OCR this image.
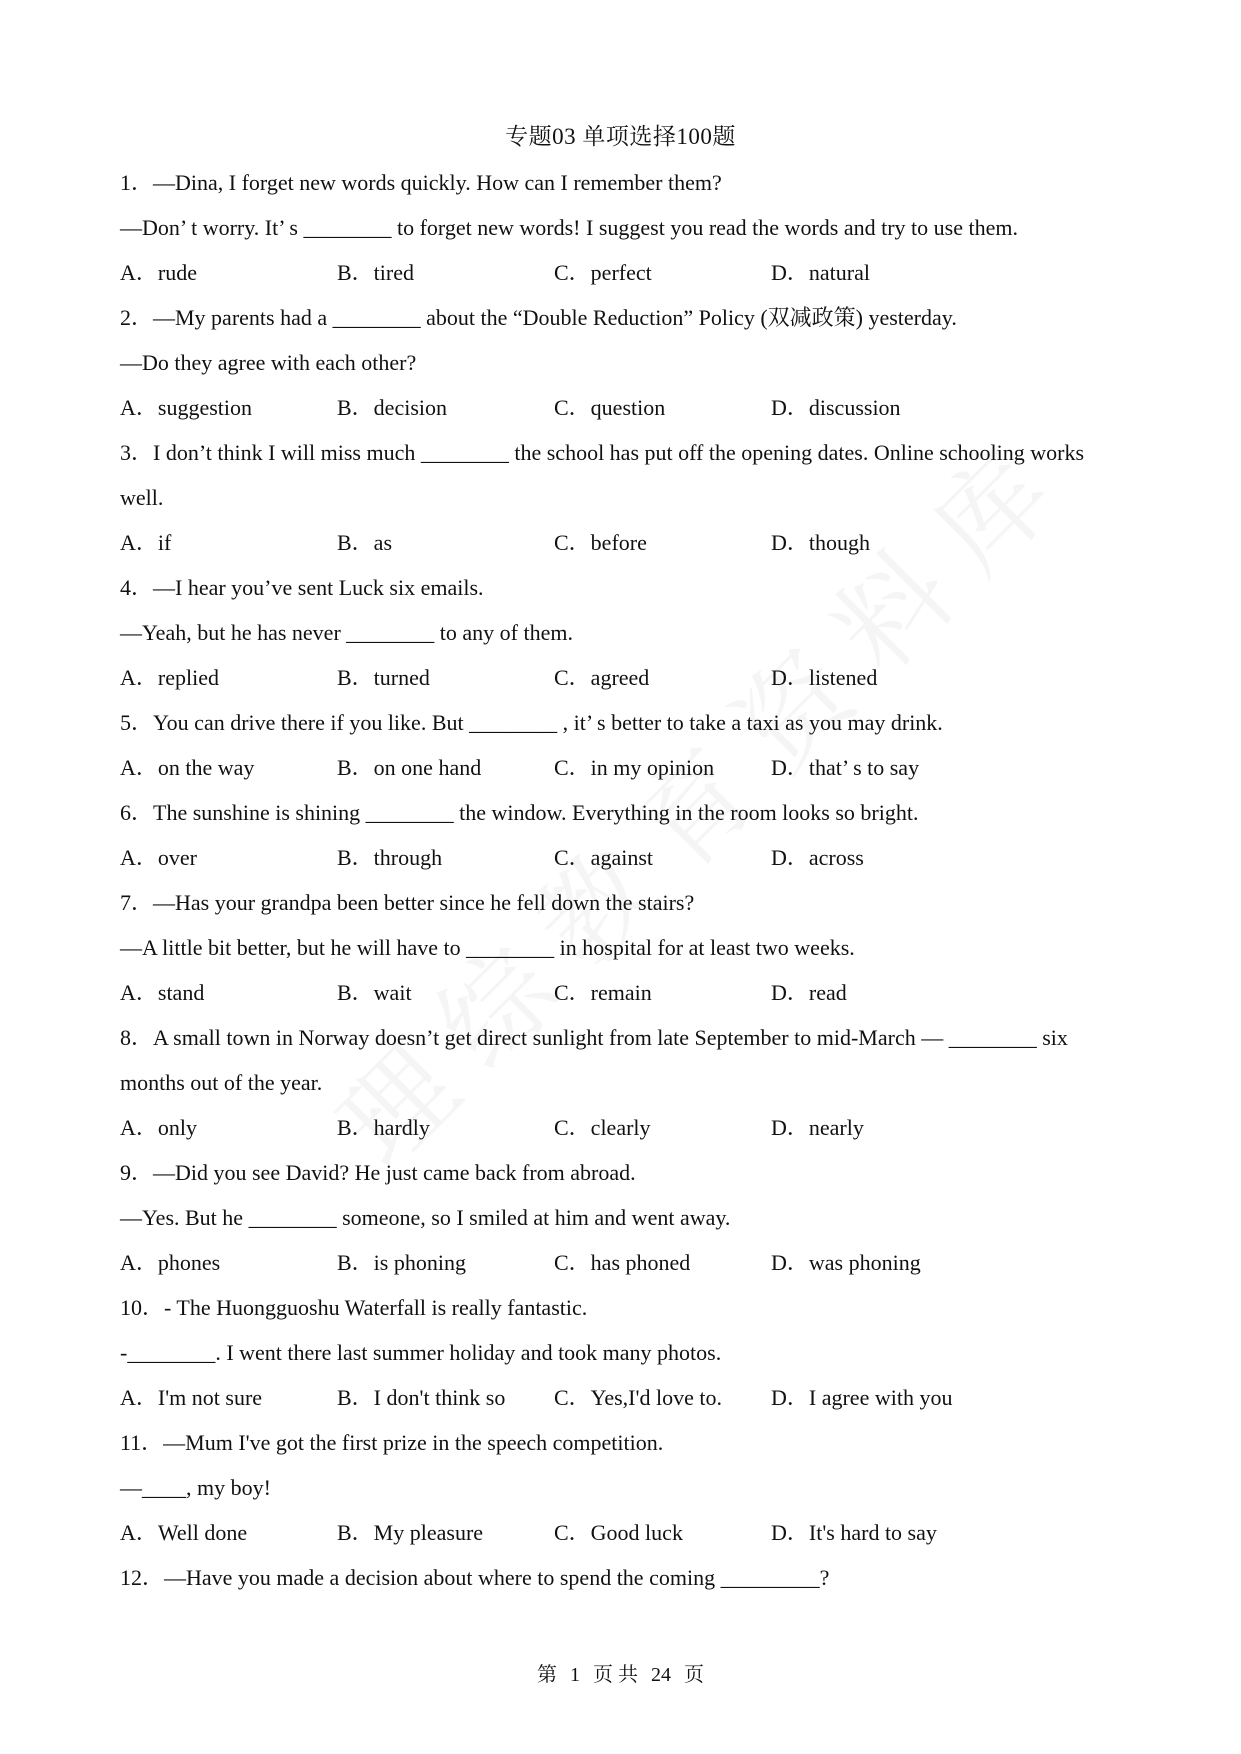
专题03 单项选择100题
1．—Dina, I forget new words quickly. How can I remember them?
—Don’ t worry. It’ s ________ to forget new words! I suggest you read the words and try to use them.
A．rude	B．tired	C．perfect	D．natural
2．—My parents had a ________ about the “Double Reduction” Policy (双减政策) yesterday.
—Do they agree with each other?
A．suggestion	B．decision	C．question	D．discussion
3．I don’t think I will miss much ________ the school has put off the opening dates. Online schooling works well.
A．if	B．as	C．before	D．though
4．—I hear you’ve sent Luck six emails.
—Yeah, but he has never ________ to any of them.
A．replied	B．turned	C．agreed	D．listened
5．You can drive there if you like. But ________ , it’ s better to take a taxi as you may drink.
A．on the way	B．on one hand	C．in my opinion	D．that’ s to say
6．The sunshine is shining ________ the window. Everything in the room looks so bright.
A．over	B．through	C．against	D．across
7．—Has your grandpa been better since he fell down the stairs?
—A little bit better, but he will have to ________ in hospital for at least two weeks.
A．stand	B．wait	C．remain	D．read
8．A small town in Norway doesn’t get direct sunlight from late September to mid-March — ________ six months out of the year.
A．only	B．hardly	C．clearly	D．nearly
9．—Did you see David? He just came back from abroad.
—Yes. But he ________ someone, so I smiled at him and went away.
A．phones	B．is phoning	C．has phoned	D．was phoning
10．- The Huongguoshu Waterfall is really fantastic.
-________. I went there last summer holiday and took many photos.
A．I'm not sure	B．I don't think so	C．Yes,I'd love to.	D．I agree with you
11．—Mum I've got the first prize in the speech competition.
—____, my boy!
A．Well done	B．My pleasure	C．Good luck	D．It's hard to say
12．—Have you made a decision about where to spend the coming _________?
第 1 页 共 24 页
